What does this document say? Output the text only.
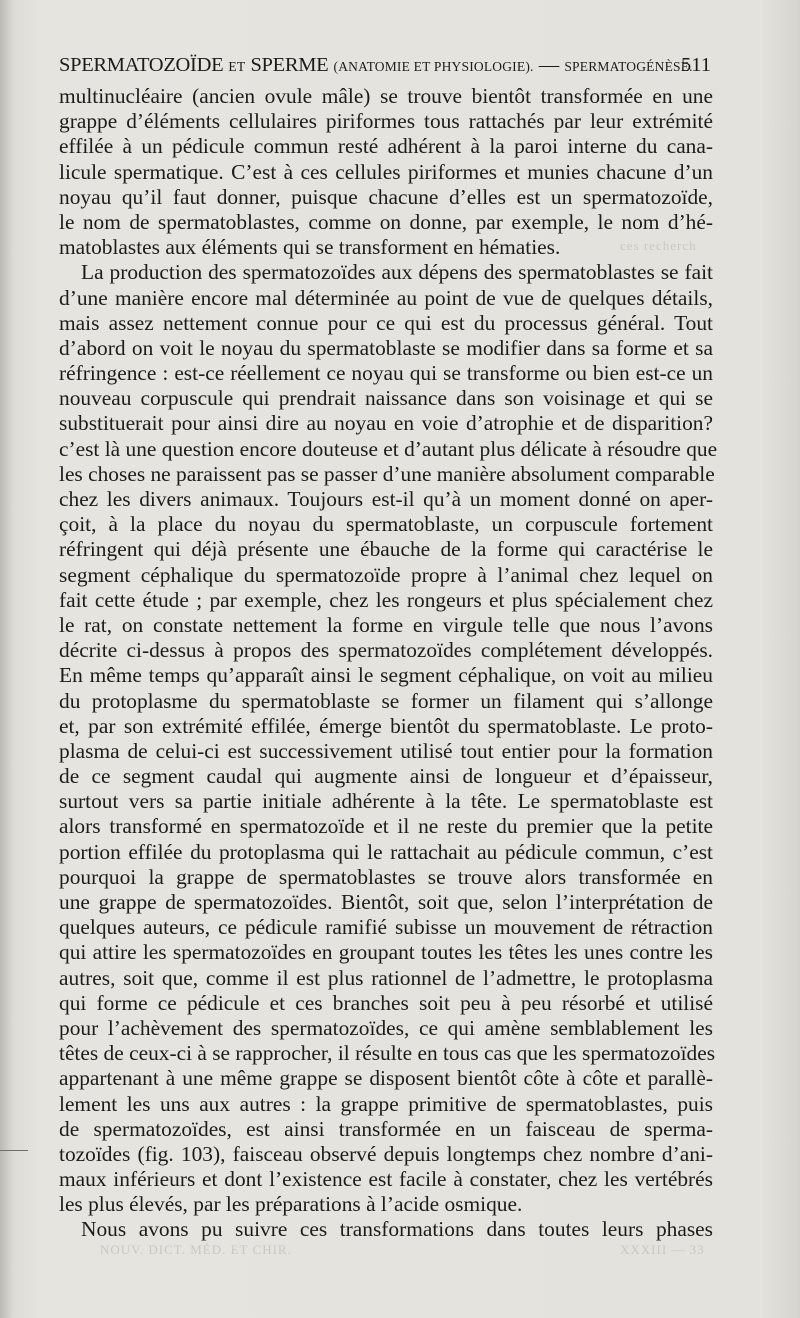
ces recherch
NOUV. DICT. MÉD. ET CHIR.	XXXIII — 33
SPERMATOZOÏDE ET SPERME (ANATOMIE ET PHYSIOLOGIE). — SPERMATOGÉNÈSE.
511
multinucléaire (ancien ovule mâle) se trouve bientôt transformée en une
grappe d’éléments cellulaires piriformes tous rattachés par leur extrémité
effilée à un pédicule commun resté adhérent à la paroi interne du cana-
licule spermatique. C’est à ces cellules piriformes et munies chacune d’un
noyau qu’il faut donner, puisque chacune d’elles est un spermatozoïde,
le nom de spermatoblastes, comme on donne, par exemple, le nom d’hé-
matoblastes aux éléments qui se transforment en hématies.
La production des spermatozoïdes aux dépens des spermatoblastes se fait
d’une manière encore mal déterminée au point de vue de quelques détails,
mais assez nettement connue pour ce qui est du processus général. Tout
d’abord on voit le noyau du spermatoblaste se modifier dans sa forme et sa
réfringence : est-ce réellement ce noyau qui se transforme ou bien est-ce un
nouveau corpuscule qui prendrait naissance dans son voisinage et qui se
substituerait pour ainsi dire au noyau en voie d’atrophie et de disparition?
c’est là une question encore douteuse et d’autant plus délicate à résoudre que
les choses ne paraissent pas se passer d’une manière absolument comparable
chez les divers animaux. Toujours est-il qu’à un moment donné on aper-
çoit, à la place du noyau du spermatoblaste, un corpuscule fortement
réfringent qui déjà présente une ébauche de la forme qui caractérise le
segment céphalique du spermatozoïde propre à l’animal chez lequel on
fait cette étude ; par exemple, chez les rongeurs et plus spécialement chez
le rat, on constate nettement la forme en virgule telle que nous l’avons
décrite ci-dessus à propos des spermatozoïdes complétement développés.
En même temps qu’apparaît ainsi le segment céphalique, on voit au milieu
du protoplasme du spermatoblaste se former un filament qui s’allonge
et, par son extrémité effilée, émerge bientôt du spermatoblaste. Le proto-
plasma de celui-ci est successivement utilisé tout entier pour la formation
de ce segment caudal qui augmente ainsi de longueur et d’épaisseur,
surtout vers sa partie initiale adhérente à la tête. Le spermatoblaste est
alors transformé en spermatozoïde et il ne reste du premier que la petite
portion effilée du protoplasma qui le rattachait au pédicule commun, c’est
pourquoi la grappe de spermatoblastes se trouve alors transformée en
une grappe de spermatozoïdes. Bientôt, soit que, selon l’interprétation de
quelques auteurs, ce pédicule ramifié subisse un mouvement de rétraction
qui attire les spermatozoïdes en groupant toutes les têtes les unes contre les
autres, soit que, comme il est plus rationnel de l’admettre, le protoplasma
qui forme ce pédicule et ces branches soit peu à peu résorbé et utilisé
pour l’achèvement des spermatozoïdes, ce qui amène semblablement les
têtes de ceux-ci à se rapprocher, il résulte en tous cas que les spermatozoïdes
appartenant à une même grappe se disposent bientôt côte à côte et parallè-
lement les uns aux autres : la grappe primitive de spermatoblastes, puis
de spermatozoïdes, est ainsi transformée en un faisceau de sperma-
tozoïdes (fig. 103), faisceau observé depuis longtemps chez nombre d’ani-
maux inférieurs et dont l’existence est facile à constater, chez les vertébrés
les plus élevés, par les préparations à l’acide osmique.
Nous avons pu suivre ces transformations dans toutes leurs phases
